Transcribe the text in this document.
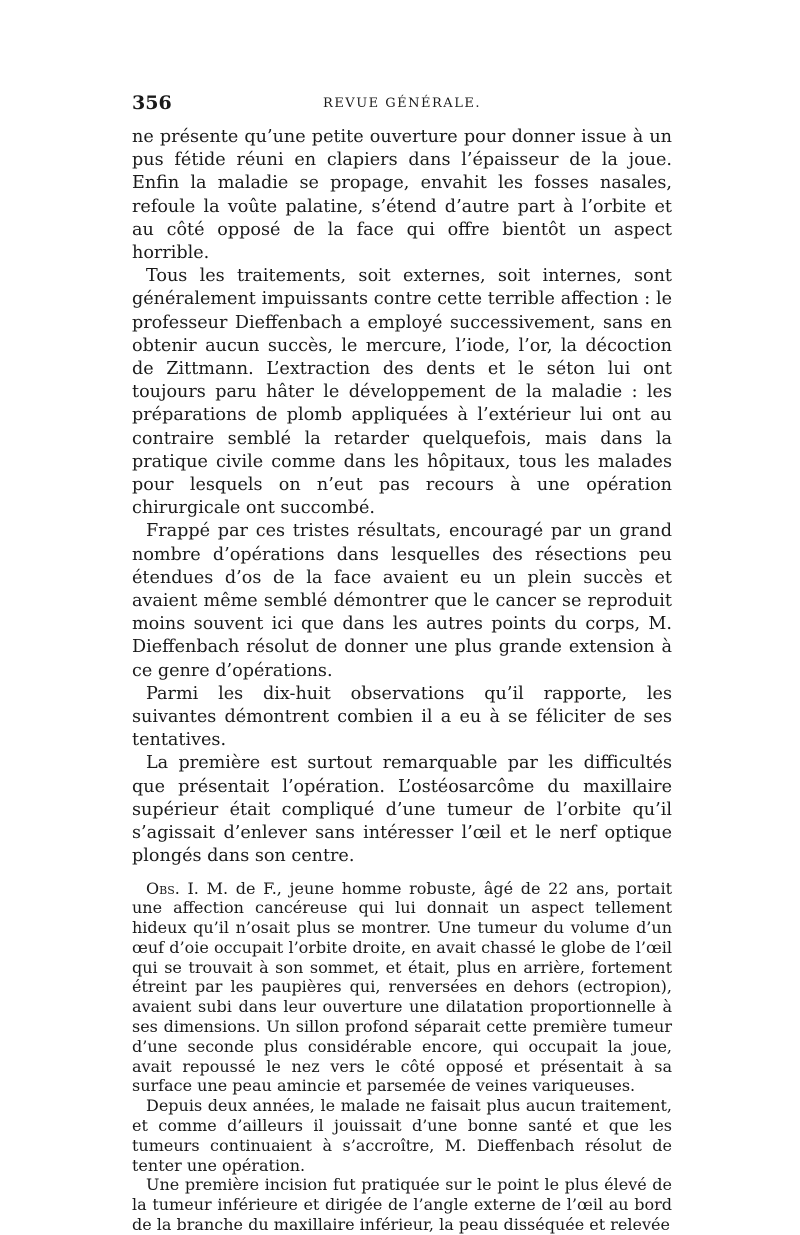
356	REVUE GÉNÉRALE.

ne présente qu’une petite ouverture pour donner issue à un pus fétide réuni en clapiers dans l’épaisseur de la joue. Enfin la maladie se propage, envahit les fosses nasales, refoule la voûte palatine, s’étend d’autre part à l’orbite et au côté opposé de la face qui offre bientôt un aspect horrible.

Tous les traitements, soit externes, soit internes, sont généralement impuissants contre cette terrible affection : le professeur Dieffenbach a employé successivement, sans en obtenir aucun succès, le mercure, l’iode, l’or, la décoction de Zittmann. L’extraction des dents et le séton lui ont toujours paru hâter le développement de la maladie : les préparations de plomb appliquées à l’extérieur lui ont au contraire semblé la retarder quelquefois, mais dans la pratique civile comme dans les hôpitaux, tous les malades pour lesquels on n’eut pas recours à une opération chirurgicale ont succombé.

Frappé par ces tristes résultats, encouragé par un grand nombre d’opérations dans lesquelles des résections peu étendues d’os de la face avaient eu un plein succès et avaient même semblé démontrer que le cancer se reproduit moins souvent ici que dans les autres points du corps, M. Dieffenbach résolut de donner une plus grande extension à ce genre d’opérations.

Parmi les dix-huit observations qu’il rapporte, les suivantes démontrent combien il a eu à se féliciter de ses tentatives.

La première est surtout remarquable par les difficultés que présentait l’opération. L’ostéosarcôme du maxillaire supérieur était compliqué d’une tumeur de l’orbite qu’il s’agissait d’enlever sans intéresser l’œil et le nerf optique plongés dans son centre.

Obs. I. M. de F., jeune homme robuste, âgé de 22 ans, portait une affection cancéreuse qui lui donnait un aspect tellement hideux qu’il n’osait plus se montrer. Une tumeur du volume d’un œuf d’oie occupait l’orbite droite, en avait chassé le globe de l’œil qui se trouvait à son sommet, et était, plus en arrière, fortement étreint par les paupières qui, renversées en dehors (ectropion), avaient subi dans leur ouverture une dilatation proportionnelle à ses dimensions. Un sillon profond séparait cette première tumeur d’une seconde plus considérable encore, qui occupait la joue, avait repoussé le nez vers le côté opposé et présentait à sa surface une peau amincie et parsemée de veines variqueuses.

Depuis deux années, le malade ne faisait plus aucun traitement, et comme d’ailleurs il jouissait d’une bonne santé et que les tumeurs continuaient à s’accroître, M. Dieffenbach résolut de tenter une opération.

Une première incision fut pratiquée sur le point le plus élevé de la tumeur inférieure et dirigée de l’angle externe de l’œil au bord de la branche du maxillaire inférieur, la peau disséquée et relevée
